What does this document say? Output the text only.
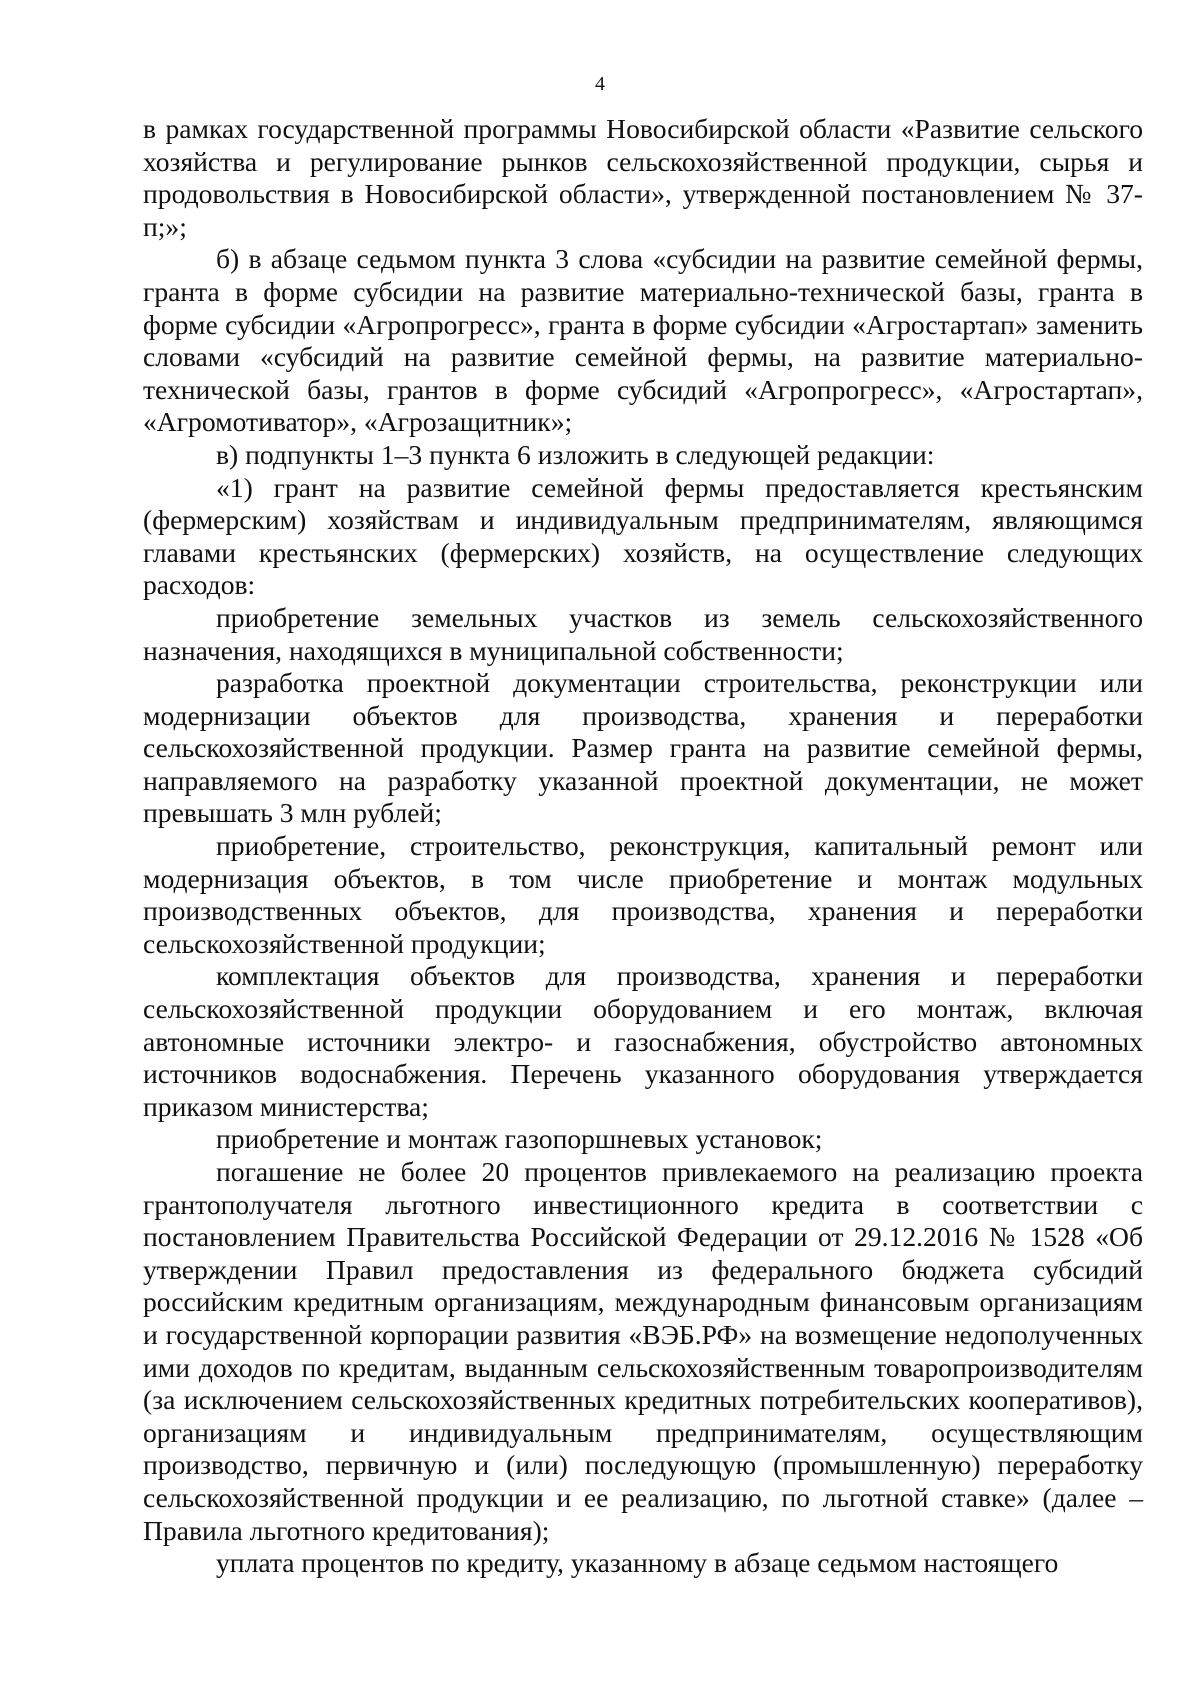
4

в рамках государственной программы Новосибирской области «Развитие сельского хозяйства и регулирование рынков сельскохозяйственной продукции, сырья и продовольствия в Новосибирской области», утвержденной постановлением № 37-п;»;

б) в абзаце седьмом пункта 3 слова «субсидии на развитие семейной фермы, гранта в форме субсидии на развитие материально-технической базы, гранта в форме субсидии «Агропрогресс», гранта в форме субсидии «Агростартап» заменить словами «субсидий на развитие семейной фермы, на развитие материально-технической базы, грантов в форме субсидий «Агропрогресс», «Агростартап», «Агромотиватор», «Агрозащитник»;

в) подпункты 1–3 пункта 6 изложить в следующей редакции:

«1) грант на развитие семейной фермы предоставляется крестьянским (фермерским) хозяйствам и индивидуальным предпринимателям, являющимся главами крестьянских (фермерских) хозяйств, на осуществление следующих расходов:

приобретение земельных участков из земель сельскохозяйственного назначения, находящихся в муниципальной собственности;

разработка проектной документации строительства, реконструкции или модернизации объектов для производства, хранения и переработки сельскохозяйственной продукции. Размер гранта на развитие семейной фермы, направляемого на разработку указанной проектной документации, не может превышать 3 млн рублей;

приобретение, строительство, реконструкция, капитальный ремонт или модернизация объектов, в том числе приобретение и монтаж модульных производственных объектов, для производства, хранения и переработки сельскохозяйственной продукции;

комплектация объектов для производства, хранения и переработки сельскохозяйственной продукции оборудованием и его монтаж, включая автономные источники электро- и газоснабжения, обустройство автономных источников водоснабжения. Перечень указанного оборудования утверждается приказом министерства;

приобретение и монтаж газопоршневых установок;

погашение не более 20 процентов привлекаемого на реализацию проекта грантополучателя льготного инвестиционного кредита в соответствии с постановлением Правительства Российской Федерации от 29.12.2016 № 1528 «Об утверждении Правил предоставления из федерального бюджета субсидий российским кредитным организациям, международным финансовым организациям и государственной корпорации развития «ВЭБ.РФ» на возмещение недополученных ими доходов по кредитам, выданным сельскохозяйственным товаропроизводителям (за исключением сельскохозяйственных кредитных потребительских кооперативов), организациям и индивидуальным предпринимателям, осуществляющим производство, первичную и (или) последующую (промышленную) переработку сельскохозяйственной продукции и ее реализацию, по льготной ставке» (далее – Правила льготного кредитования);

уплата процентов по кредиту, указанному в абзаце седьмом настоящего
